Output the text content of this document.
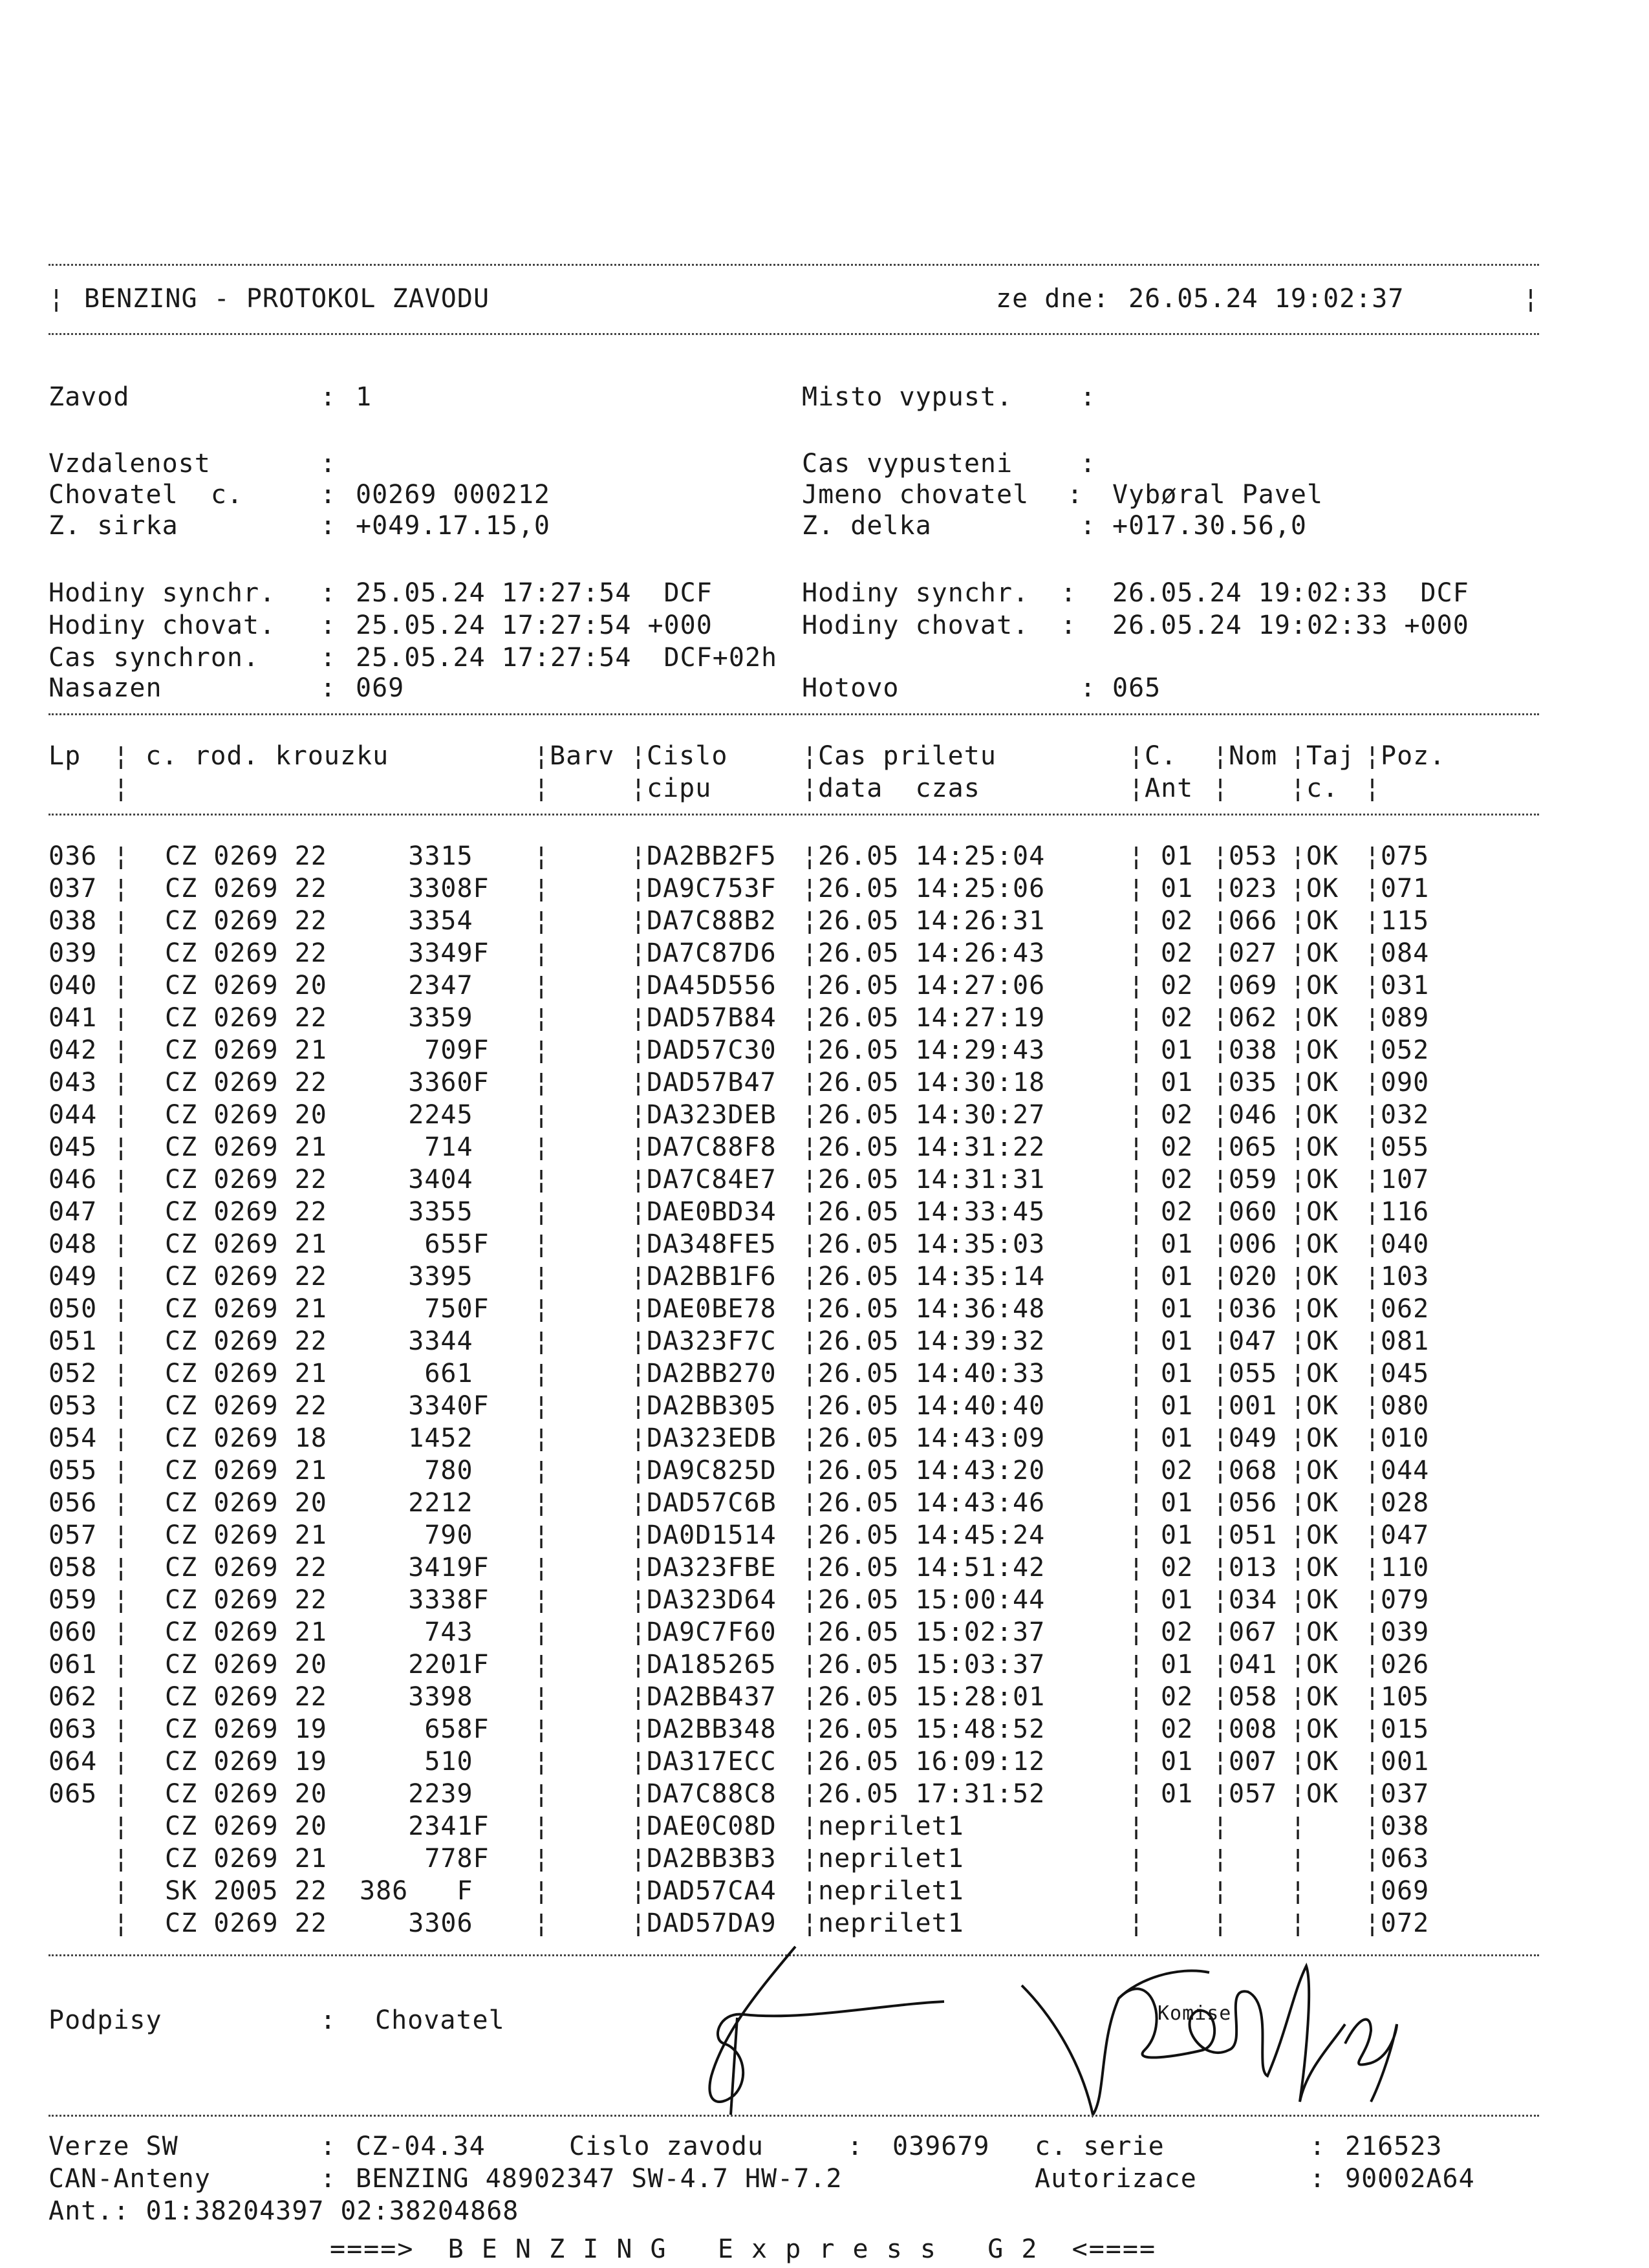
¦ BENZING - PROTOKOL ZAVODU	ze dne: 26.05.24 19:02:37	¦
Zavod	: 1
Vzdalenost	:
Chovatel  c.	: 00269 000212
Z. sirka	: +049.17.15,0
Misto vypust.	:
Cas vypusteni	:
Jmeno chovatel : Vybøral Pavel
Z. delka	: +017.30.56,0
Hodiny synchr. : 25.05.24 17:27:54  DCF
Hodiny chovat. : 25.05.24 17:27:54 +000
Cas synchron. : 25.05.24 17:27:54  DCF+02h
Nasazen	: 069
Hodiny synchr. : 26.05.24 19:02:33  DCF
Hodiny chovat. : 26.05.24 19:02:33 +000
Hotovo	: 065
Lp ¦ c. rod. krouzku	¦ Barv ¦ Cislo	¦ Cas priletu	¦ C. ¦ Nom ¦ Taj ¦ Poz.
¦	¦	¦ cipu	¦ data  czas	¦ Ant ¦ ¦ c. ¦
036 ¦ CZ 0269 22     3315 ¦	¦ DA2BB2F5 ¦ 26.05 14:25:04	¦ 01 ¦ 053 ¦ OK ¦ 075
037 ¦ CZ 0269 22     3308F ¦	¦ DA9C753F ¦ 26.05 14:25:06	¦ 01 ¦ 023 ¦ OK ¦ 071
038 ¦ CZ 0269 22     3354 ¦	¦ DA7C88B2 ¦ 26.05 14:26:31	¦ 02 ¦ 066 ¦ OK ¦ 115
039 ¦ CZ 0269 22     3349F ¦	¦ DA7C87D6 ¦ 26.05 14:26:43	¦ 02 ¦ 027 ¦ OK ¦ 084
040 ¦ CZ 0269 20     2347 ¦	¦ DA45D556 ¦ 26.05 14:27:06	¦ 02 ¦ 069 ¦ OK ¦ 031
041 ¦ CZ 0269 22     3359 ¦	¦ DAD57B84 ¦ 26.05 14:27:19	¦ 02 ¦ 062 ¦ OK ¦ 089
042 ¦ CZ 0269 21      709F ¦	¦ DAD57C30 ¦ 26.05 14:29:43	¦ 01 ¦ 038 ¦ OK ¦ 052
043 ¦ CZ 0269 22     3360F ¦	¦ DAD57B47 ¦ 26.05 14:30:18	¦ 01 ¦ 035 ¦ OK ¦ 090
044 ¦ CZ 0269 20     2245 ¦	¦ DA323DEB ¦ 26.05 14:30:27	¦ 02 ¦ 046 ¦ OK ¦ 032
045 ¦ CZ 0269 21      714 ¦	¦ DA7C88F8 ¦ 26.05 14:31:22	¦ 02 ¦ 065 ¦ OK ¦ 055
046 ¦ CZ 0269 22     3404 ¦	¦ DA7C84E7 ¦ 26.05 14:31:31	¦ 02 ¦ 059 ¦ OK ¦ 107
047 ¦ CZ 0269 22     3355 ¦	¦ DAE0BD34 ¦ 26.05 14:33:45	¦ 02 ¦ 060 ¦ OK ¦ 116
048 ¦ CZ 0269 21      655F ¦	¦ DA348FE5 ¦ 26.05 14:35:03	¦ 01 ¦ 006 ¦ OK ¦ 040
049 ¦ CZ 0269 22     3395 ¦	¦ DA2BB1F6 ¦ 26.05 14:35:14	¦ 01 ¦ 020 ¦ OK ¦ 103
050 ¦ CZ 0269 21      750F ¦	¦ DAE0BE78 ¦ 26.05 14:36:48	¦ 01 ¦ 036 ¦ OK ¦ 062
051 ¦ CZ 0269 22     3344 ¦	¦ DA323F7C ¦ 26.05 14:39:32	¦ 01 ¦ 047 ¦ OK ¦ 081
052 ¦ CZ 0269 21      661 ¦	¦ DA2BB270 ¦ 26.05 14:40:33	¦ 01 ¦ 055 ¦ OK ¦ 045
053 ¦ CZ 0269 22     3340F ¦	¦ DA2BB305 ¦ 26.05 14:40:40	¦ 01 ¦ 001 ¦ OK ¦ 080
054 ¦ CZ 0269 18     1452 ¦	¦ DA323EDB ¦ 26.05 14:43:09	¦ 01 ¦ 049 ¦ OK ¦ 010
055 ¦ CZ 0269 21      780 ¦	¦ DA9C825D ¦ 26.05 14:43:20	¦ 02 ¦ 068 ¦ OK ¦ 044
056 ¦ CZ 0269 20     2212 ¦	¦ DAD57C6B ¦ 26.05 14:43:46	¦ 01 ¦ 056 ¦ OK ¦ 028
057 ¦ CZ 0269 21      790 ¦	¦ DA0D1514 ¦ 26.05 14:45:24	¦ 01 ¦ 051 ¦ OK ¦ 047
058 ¦ CZ 0269 22     3419F ¦	¦ DA323FBE ¦ 26.05 14:51:42	¦ 02 ¦ 013 ¦ OK ¦ 110
059 ¦ CZ 0269 22     3338F ¦	¦ DA323D64 ¦ 26.05 15:00:44	¦ 01 ¦ 034 ¦ OK ¦ 079
060 ¦ CZ 0269 21      743 ¦	¦ DA9C7F60 ¦ 26.05 15:02:37	¦ 02 ¦ 067 ¦ OK ¦ 039
061 ¦ CZ 0269 20     2201F ¦	¦ DA185265 ¦ 26.05 15:03:37	¦ 01 ¦ 041 ¦ OK ¦ 026
062 ¦ CZ 0269 22     3398 ¦	¦ DA2BB437 ¦ 26.05 15:28:01	¦ 02 ¦ 058 ¦ OK ¦ 105
063 ¦ CZ 0269 19      658F ¦	¦ DA2BB348 ¦ 26.05 15:48:52	¦ 02 ¦ 008 ¦ OK ¦ 015
064 ¦ CZ 0269 19      510 ¦	¦ DA317ECC ¦ 26.05 16:09:12	¦ 01 ¦ 007 ¦ OK ¦ 001
065 ¦ CZ 0269 20     2239 ¦	¦ DA7C88C8 ¦ 26.05 17:31:52	¦ 01 ¦ 057 ¦ OK ¦ 037
¦ CZ 0269 20     2341F ¦	¦ DAE0C08D ¦ neprilet1	¦	¦ ¦ ¦ 038
¦ CZ 0269 21      778F ¦	¦ DA2BB3B3 ¦ neprilet1	¦	¦ ¦ ¦ 063
¦ SK 2005 22  386   F ¦	¦ DAD57CA4 ¦ neprilet1	¦	¦ ¦ ¦ 069
¦ CZ 0269 22     3306 ¦	¦ DAD57DA9 ¦ neprilet1	¦	¦ ¦ ¦ 072
Podpisy	: Chovatel	Komise
Verze SW	: CZ-04.34	Cislo zavodu	: 039679 c. serie	: 216523
CAN-Anteny	: BENZING 48902347 SW-4.7 HW-7.2	Autorizace	: 90002A64
Ant.: 01:38204397 02:38204868
====>  B E N Z I N G   E x p r e s s   G 2  <====
